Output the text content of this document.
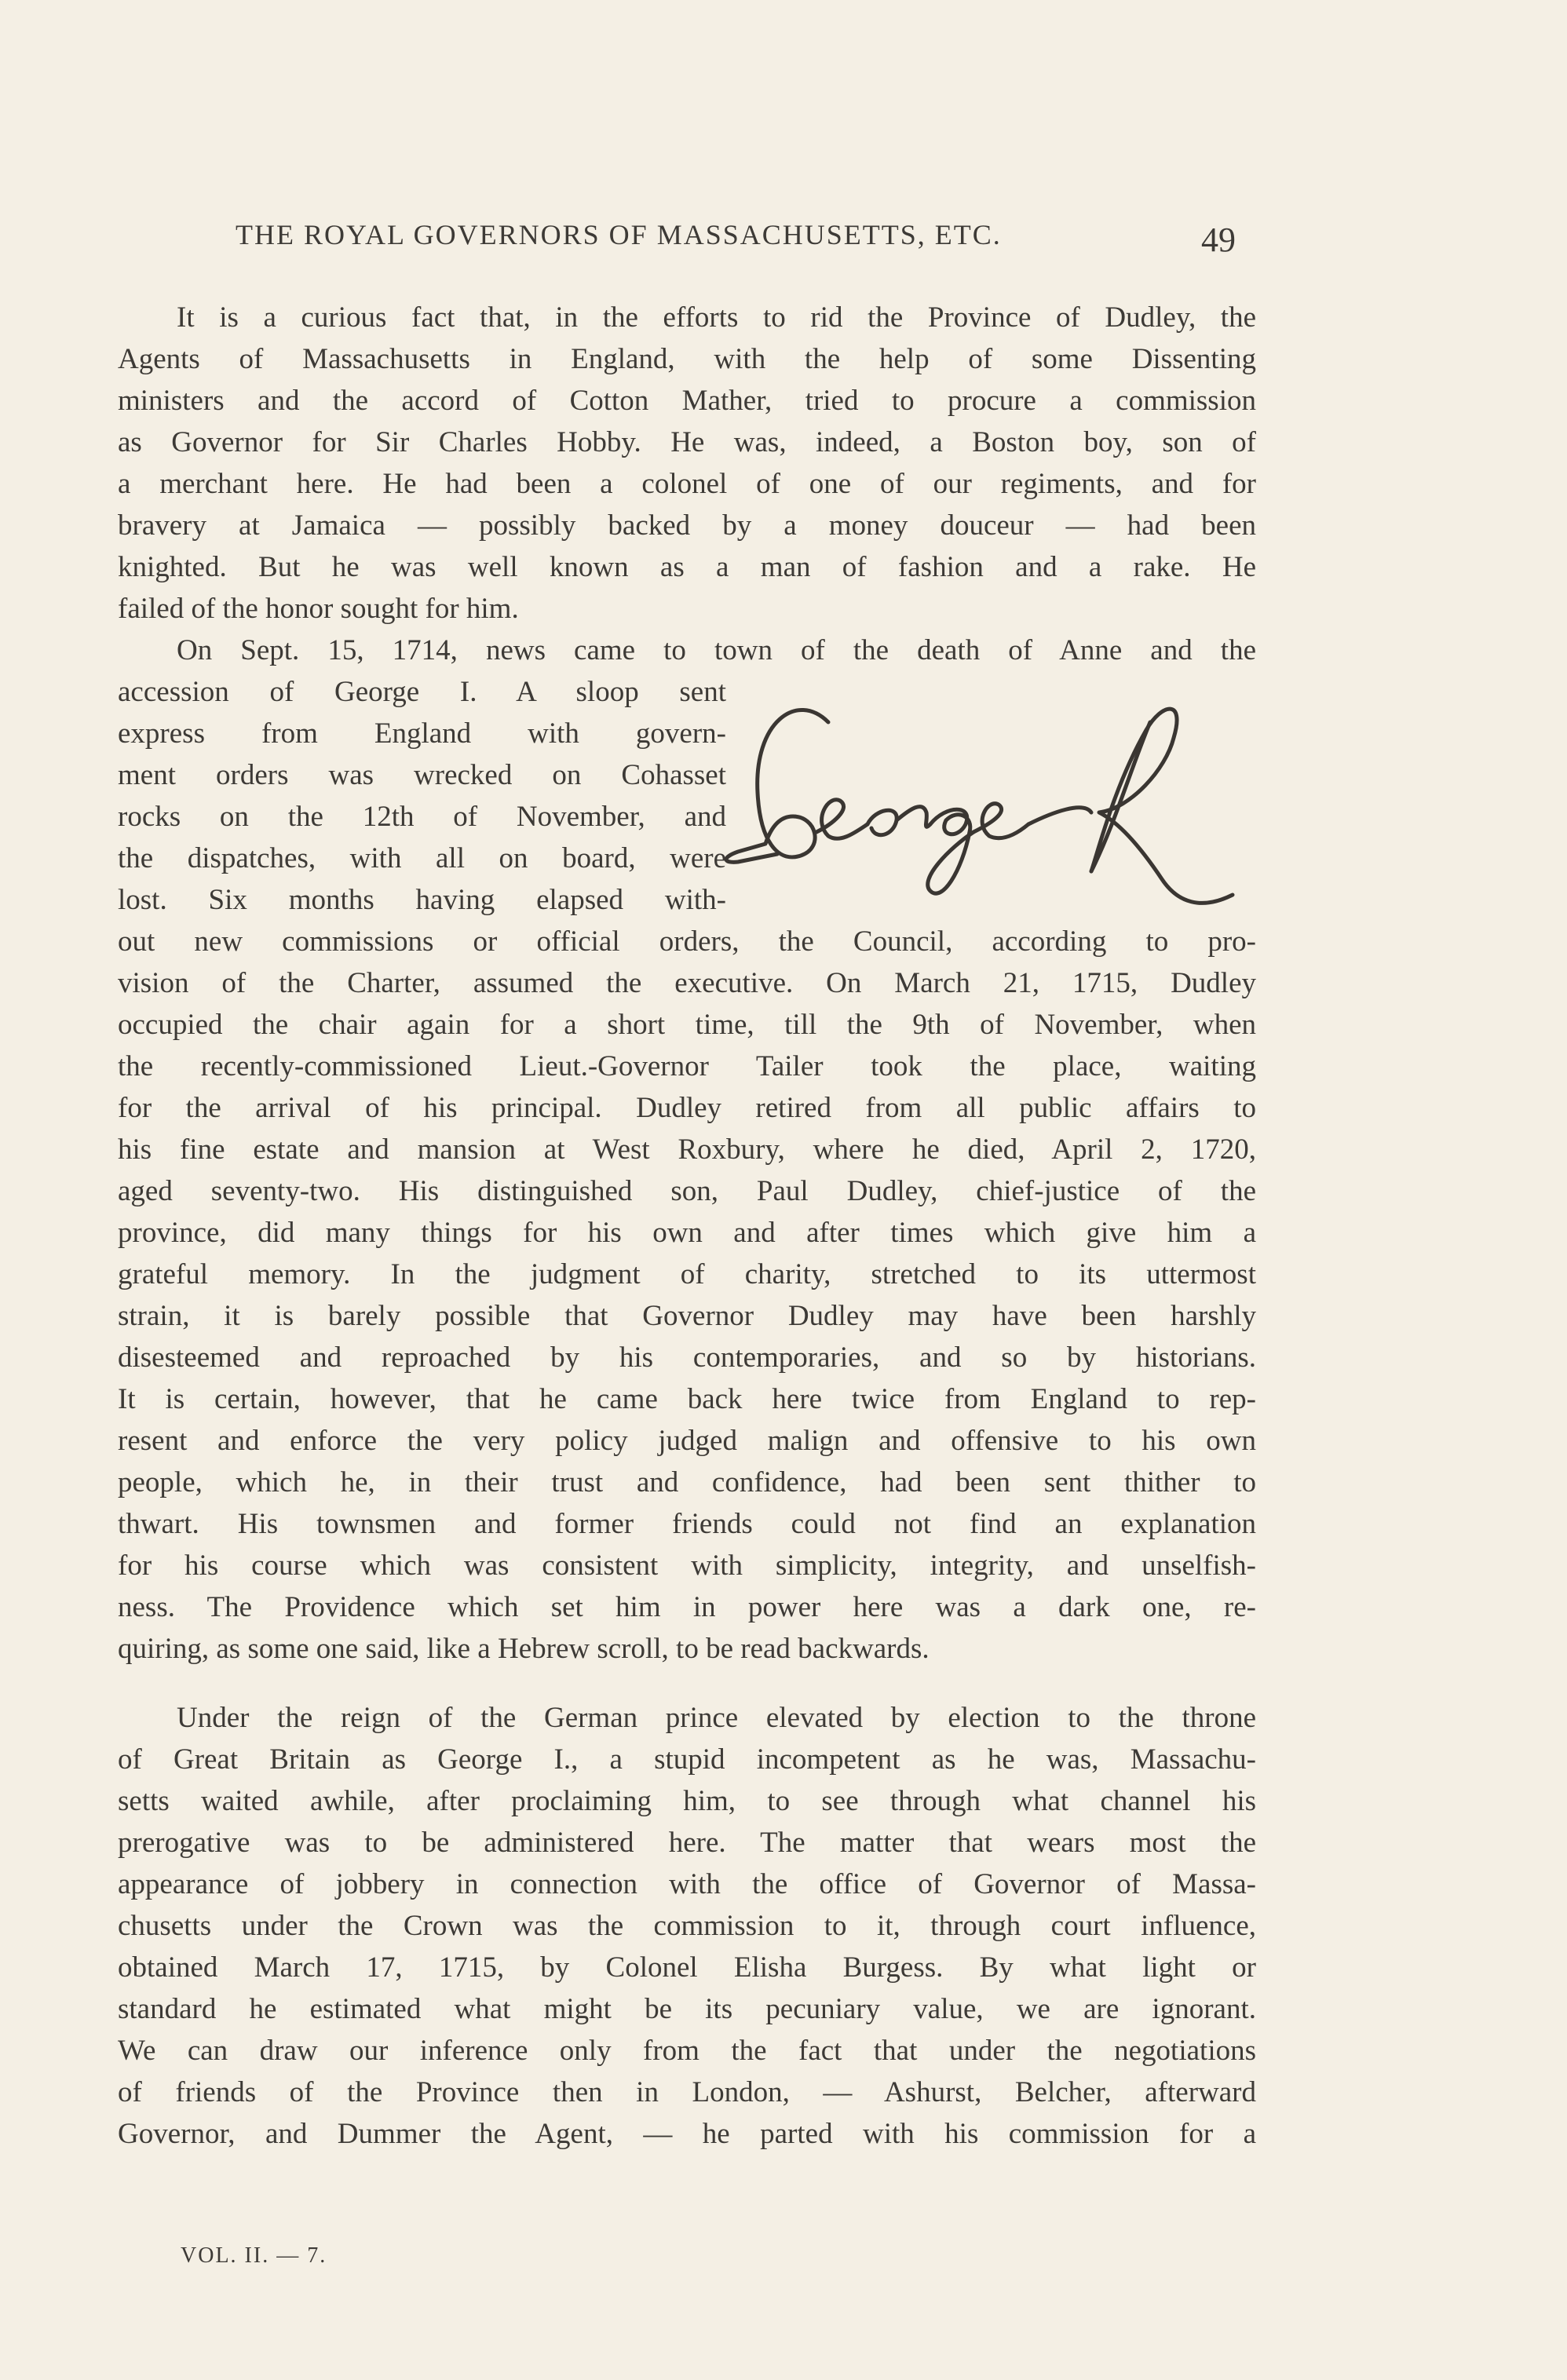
THE ROYAL GOVERNORS OF MASSACHUSETTS, ETC.	49
It is a curious fact that, in the efforts to rid the Province of Dudley, the
Agents of Massachusetts in England, with the help of some Dissenting
ministers and the accord of Cotton Mather, tried to procure a commission
as Governor for Sir Charles Hobby. He was, indeed, a Boston boy, son of
a merchant here. He had been a colonel of one of our regiments, and for
bravery at Jamaica — possibly backed by a money douceur — had been
knighted. But he was well known as a man of fashion and a rake. He
failed of the honor sought for him.
On Sept. 15, 1714, news came to town of the death of Anne and the
accession of George I. A sloop sent
express from England with govern-
ment orders was wrecked on Cohasset
rocks on the 12th of November, and
the dispatches, with all on board, were
lost. Six months having elapsed with-
out new commissions or official orders, the Council, according to pro-
vision of the Charter, assumed the executive. On March 21, 1715, Dudley
occupied the chair again for a short time, till the 9th of November, when
the recently-commissioned Lieut.-Governor Tailer took the place, waiting
for the arrival of his principal. Dudley retired from all public affairs to
his fine estate and mansion at West Roxbury, where he died, April 2, 1720,
aged seventy-two. His distinguished son, Paul Dudley, chief-justice of the
province, did many things for his own and after times which give him a
grateful memory. In the judgment of charity, stretched to its uttermost
strain, it is barely possible that Governor Dudley may have been harshly
disesteemed and reproached by his contemporaries, and so by historians.
It is certain, however, that he came back here twice from England to rep-
resent and enforce the very policy judged malign and offensive to his own
people, which he, in their trust and confidence, had been sent thither to
thwart. His townsmen and former friends could not find an explanation
for his course which was consistent with simplicity, integrity, and unselfish-
ness. The Providence which set him in power here was a dark one, re-
quiring, as some one said, like a Hebrew scroll, to be read backwards.
Under the reign of the German prince elevated by election to the throne
of Great Britain as George I., a stupid incompetent as he was, Massachu-
setts waited awhile, after proclaiming him, to see through what channel his
prerogative was to be administered here. The matter that wears most the
appearance of jobbery in connection with the office of Governor of Massa-
chusetts under the Crown was the commission to it, through court influence,
obtained March 17, 1715, by Colonel Elisha Burgess. By what light or
standard he estimated what might be its pecuniary value, we are ignorant.
We can draw our inference only from the fact that under the negotiations
of friends of the Province then in London, — Ashurst, Belcher, afterward
Governor, and Dummer the Agent, — he parted with his commission for a
VOL. II. — 7.
